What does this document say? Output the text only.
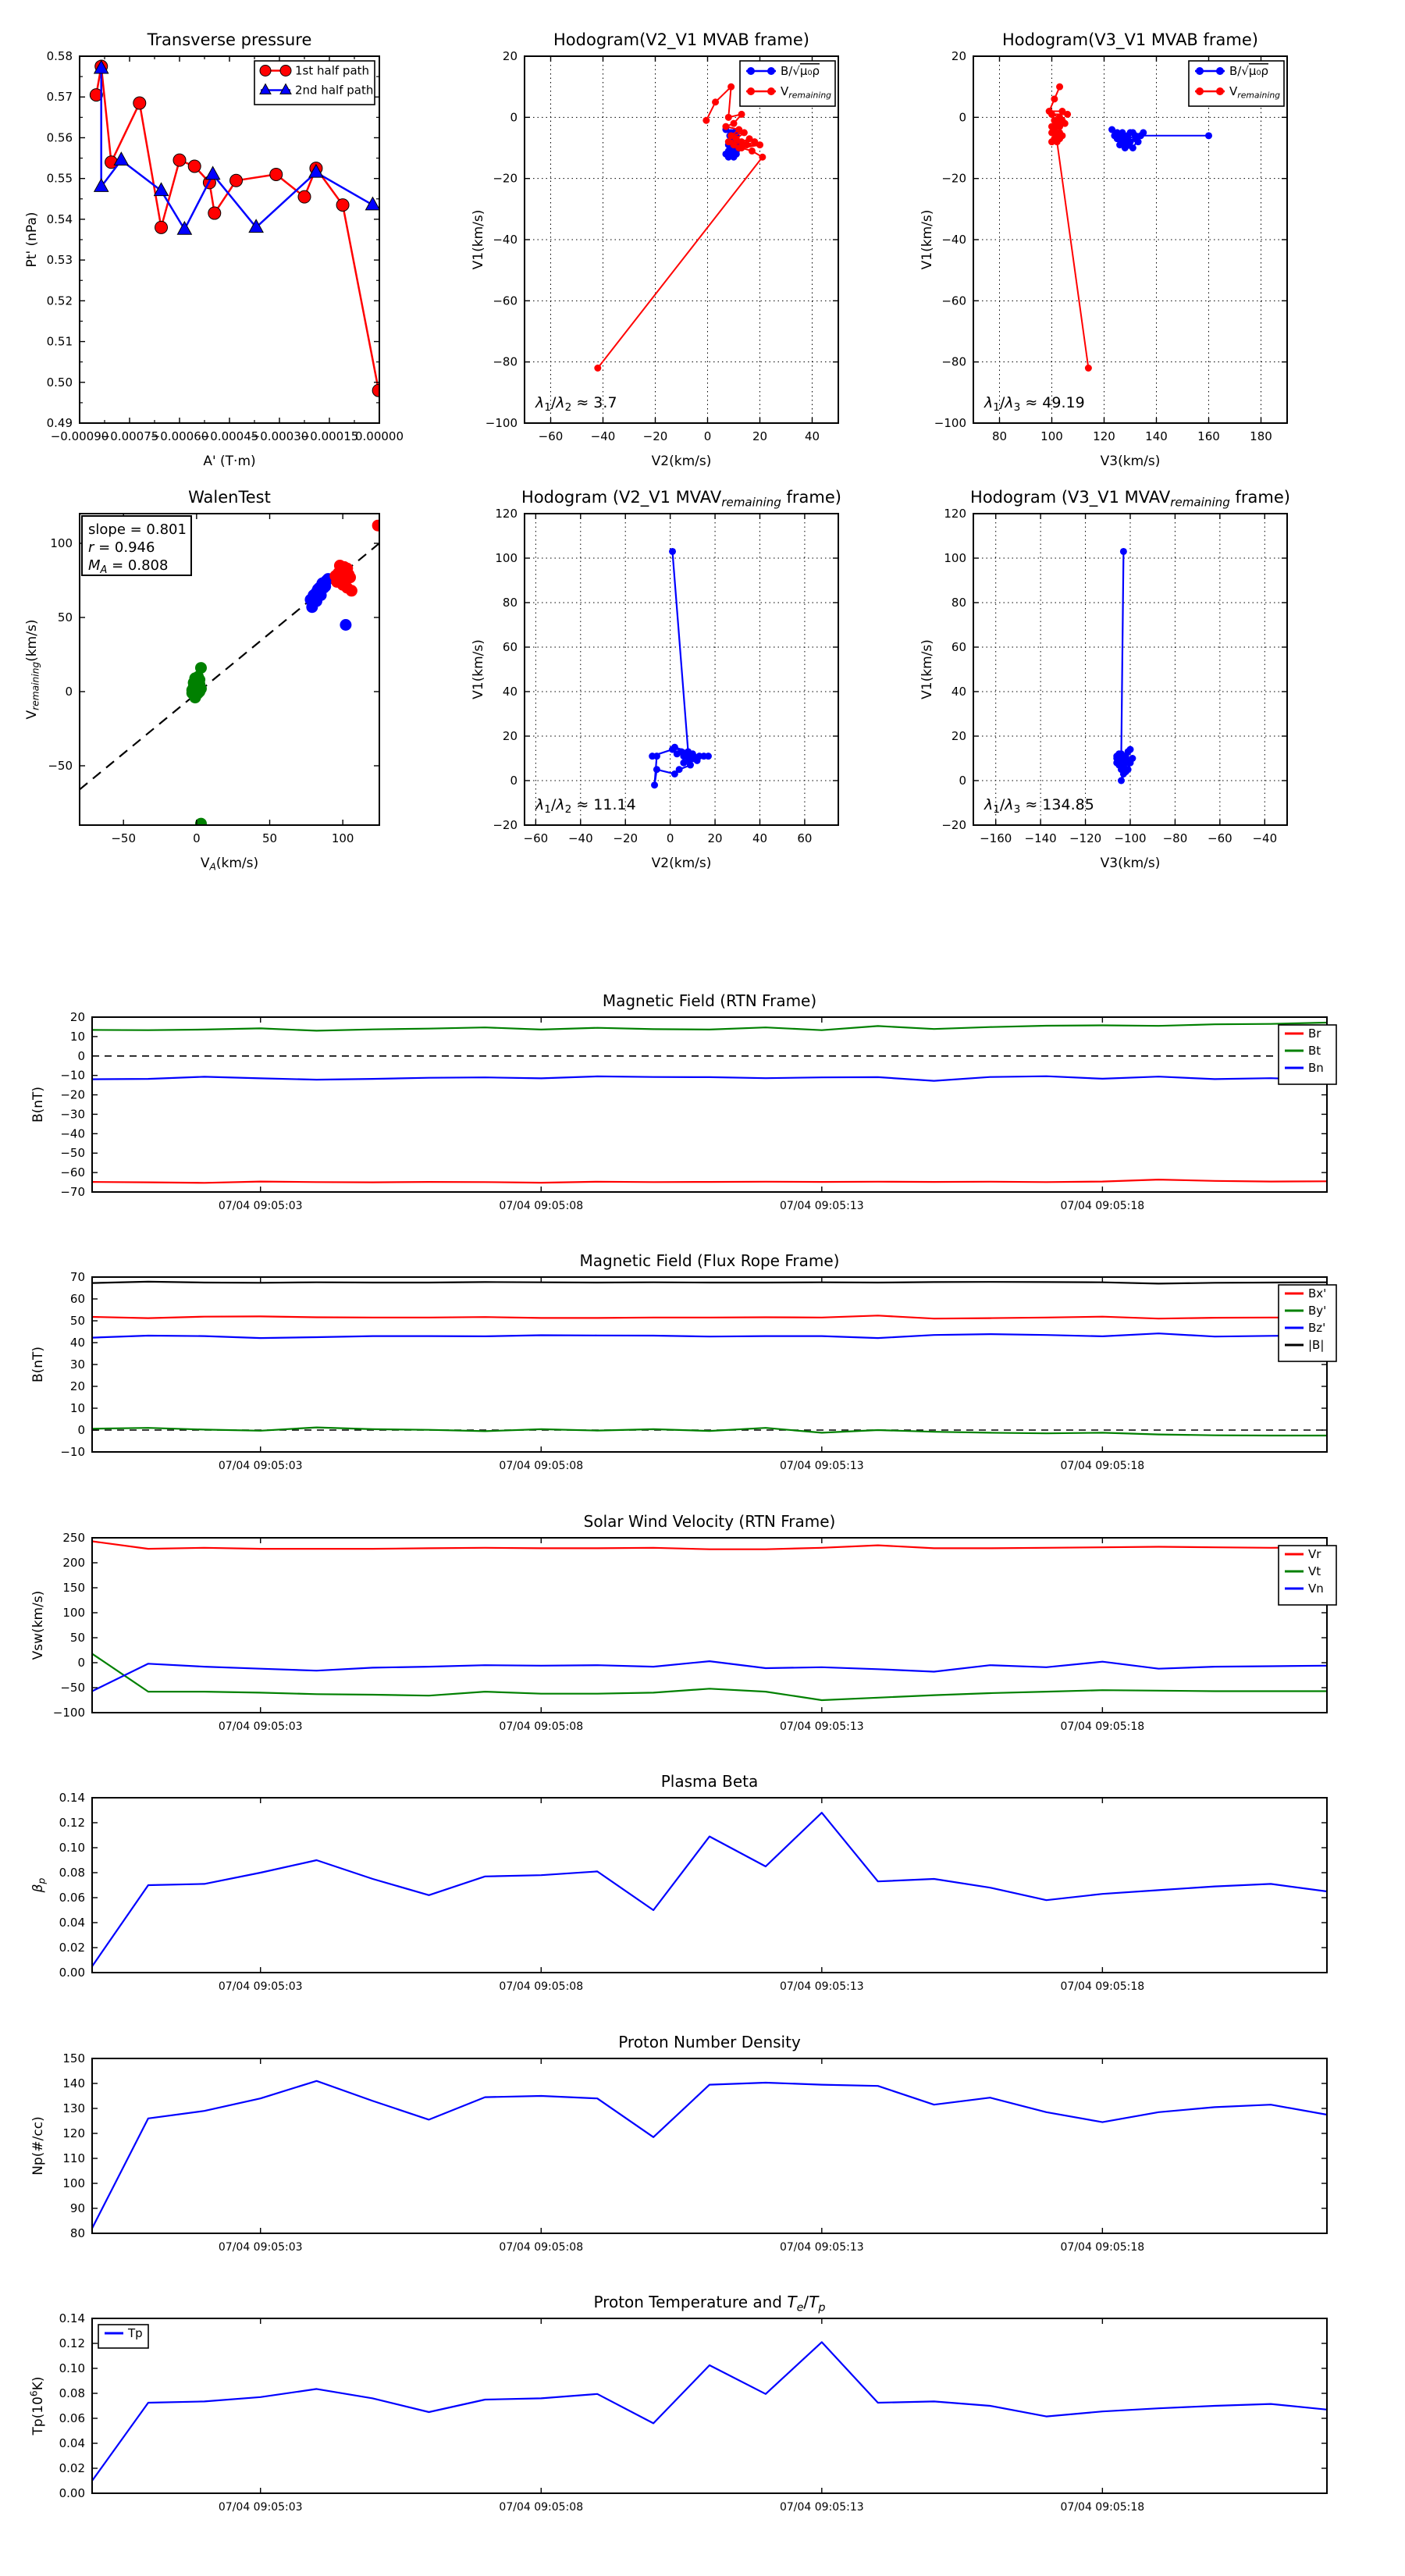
−0.00090
−0.00075
−0.00060
−0.00045
−0.00030
−0.00015
0.00000
0.49
0.50
0.51
0.52
0.53
0.54
0.55
0.56
0.57
0.58
Transverse pressure
A' (T·m)
Pt' (nPa)
1st half path
2nd half path
−60 −40 −20	0	20	40
20
0
−20
−40
−60
−80
−100
Hodogram(V2_V1 MVAB frame)
V2(km/s)
V1(km/s)
B/√μ₀ρ
$V_{remaining}$
$\lambda_1/\lambda_2 \approx 3.7$
80	100	120	140	160	180
20
0
−20
−40
−60
−80
−100
Hodogram(V3_V1 MVAB frame)
V3(km/s)
V1(km/s)
B/√μ₀ρ
$V_{remaining}$
$\lambda_1/\lambda_3 \approx 49.19$
−50	0	50	100
−50
0
50
100
WalenTest
$V_A(km/s)$
$V_{remaining}(km/s)$
slope = 0.801
r = 0.946
$M_A = 0.808$
−60 −40 −20 0	20	40	60
120
100
80
60
40
20
0
−20
Hodogram (V2_V1 $MVAV_{remaining}$ frame)
V2(km/s)
V1(km/s)
$\lambda_1/\lambda_2 \approx 11.14$
−160 −140 −120 −100 −80 −60 −40
120
100
80
60
40
20
0
−20
Hodogram (V3_V1 $MVAV_{remaining}$ frame)
V3(km/s)
V1(km/s)
$\lambda_1/\lambda_3 \approx 134.85$
07/04 09:05:03	07/04 09:05:08	07/04 09:05:13	07/04 09:05:18
20
10
0
−10
−20
−30
−40
−50
−60
−70
Magnetic Field (RTN Frame)
B(nT)
Br
Bt
Bn
07/04 09:05:03	07/04 09:05:08	07/04 09:05:13	07/04 09:05:18
70
60
50
40
30
20
10
0
−10
Magnetic Field (Flux Rope Frame)
B(nT)
Bx'
By'
Bz'
|B|
07/04 09:05:03	07/04 09:05:08	07/04 09:05:13	07/04 09:05:18
250
200
150
100
50
0
−50
−100
Solar Wind Velocity (RTN Frame)
Vsw(km/s)
Vr
Vt
Vn
07/04 09:05:03	07/04 09:05:08	07/04 09:05:13	07/04 09:05:18
0.14
0.12
0.10
0.08
0.06
0.04
0.02
0.00
Plasma Beta
$\beta_p$
07/04 09:05:03	07/04 09:05:08	07/04 09:05:13	07/04 09:05:18
150
140
130
120
110
100
90
80
Proton Number Density
Np(#/cc)
07/04 09:05:03	07/04 09:05:08	07/04 09:05:13	07/04 09:05:18
0.14
0.12
0.10
0.08
0.06
0.04
0.02
0.00
Proton Temperature and $T_e/T_p$
$Tp(10^6K)$
Tp
